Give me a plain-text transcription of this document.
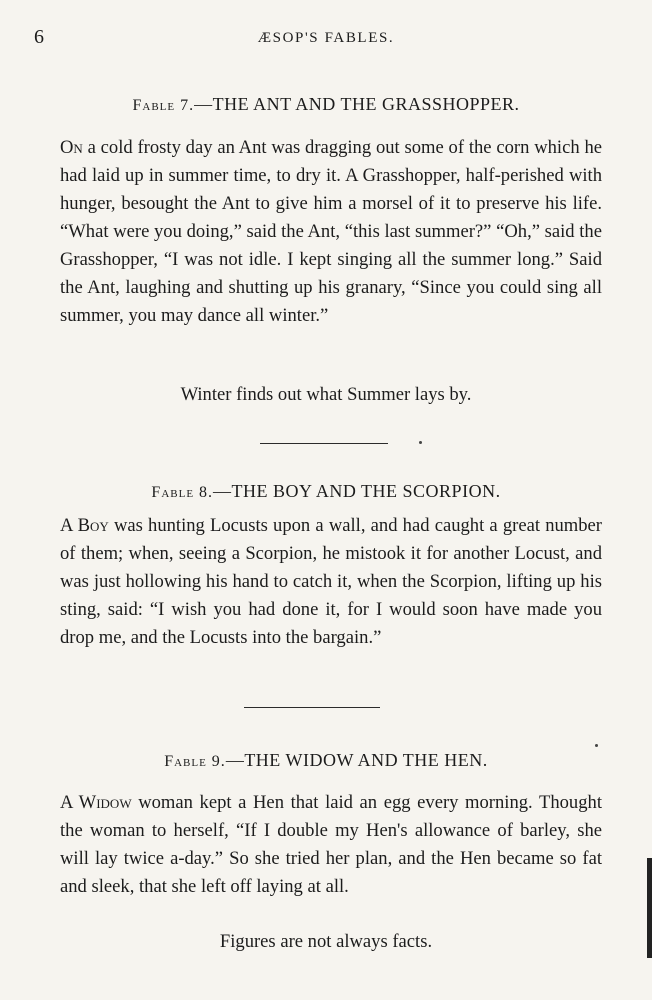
6	ÆSOP'S FABLES.
Fable 7.—THE ANT AND THE GRASSHOPPER.

On a cold frosty day an Ant was dragging out some of the corn which he had laid up in summer time, to dry it. A Grasshopper, half-perished with hunger, besought the Ant to give him a morsel of it to preserve his life. “What were you doing,” said the Ant, “this last summer?” “Oh,” said the Grasshopper, “I was not idle. I kept singing all the summer long.” Said the Ant, laughing and shutting up his granary, “Since you could sing all summer, you may dance all winter.”

Winter finds out what Summer lays by.
Fable 8.—THE BOY AND THE SCORPION.

A Boy was hunting Locusts upon a wall, and had caught a great number of them; when, seeing a Scorpion, he mistook it for another Locust, and was just hollowing his hand to catch it, when the Scorpion, lifting up his sting, said: “I wish you had done it, for I would soon have made you drop me, and the Locusts into the bargain.”

Fable 9.—THE WIDOW AND THE HEN.

A Widow woman kept a Hen that laid an egg every morning. Thought the woman to herself, “If I double my Hen's allowance of barley, she will lay twice a-day.” So she tried her plan, and the Hen became so fat and sleek, that she left off laying at all.

Figures are not always facts.
